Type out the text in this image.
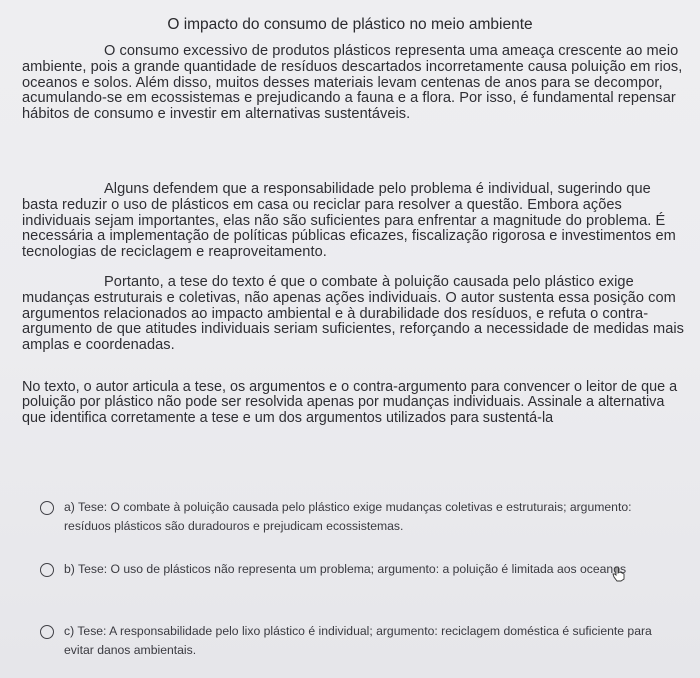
O impacto do consumo de plástico no meio ambiente
O consumo excessivo de produtos plásticos representa uma ameaça crescente ao meio ambiente, pois a grande quantidade de resíduos descartados incorretamente causa poluição em rios, oceanos e solos. Além disso, muitos desses materiais levam centenas de anos para se decompor, acumulando-se em ecossistemas e prejudicando a fauna e a flora. Por isso, é fundamental repensar hábitos de consumo e investir em alternativas sustentáveis.
Alguns defendem que a responsabilidade pelo problema é individual, sugerindo que basta reduzir o uso de plásticos em casa ou reciclar para resolver a questão. Embora ações individuais sejam importantes, elas não são suficientes para enfrentar a magnitude do problema. É necessária a implementação de políticas públicas eficazes, fiscalização rigorosa e investimentos em tecnologias de reciclagem e reaproveitamento.
Portanto, a tese do texto é que o combate à poluição causada pelo plástico exige mudanças estruturais e coletivas, não apenas ações individuais. O autor sustenta essa posição com argumentos relacionados ao impacto ambiental e à durabilidade dos resíduos, e refuta o contra-argumento de que atitudes individuais seriam suficientes, reforçando a necessidade de medidas mais amplas e coordenadas.
No texto, o autor articula a tese, os argumentos e o contra-argumento para convencer o leitor de que a poluição por plástico não pode ser resolvida apenas por mudanças individuais. Assinale a alternativa que identifica corretamente a tese e um dos argumentos utilizados para sustentá-la
a) Tese: O combate à poluição causada pelo plástico exige mudanças coletivas e estruturais; argumento: resíduos plásticos são duradouros e prejudicam ecossistemas.
b) Tese: O uso de plásticos não representa um problema; argumento: a poluição é limitada aos oceanos
c) Tese: A responsabilidade pelo lixo plástico é individual; argumento: reciclagem doméstica é suficiente para evitar danos ambientais.
